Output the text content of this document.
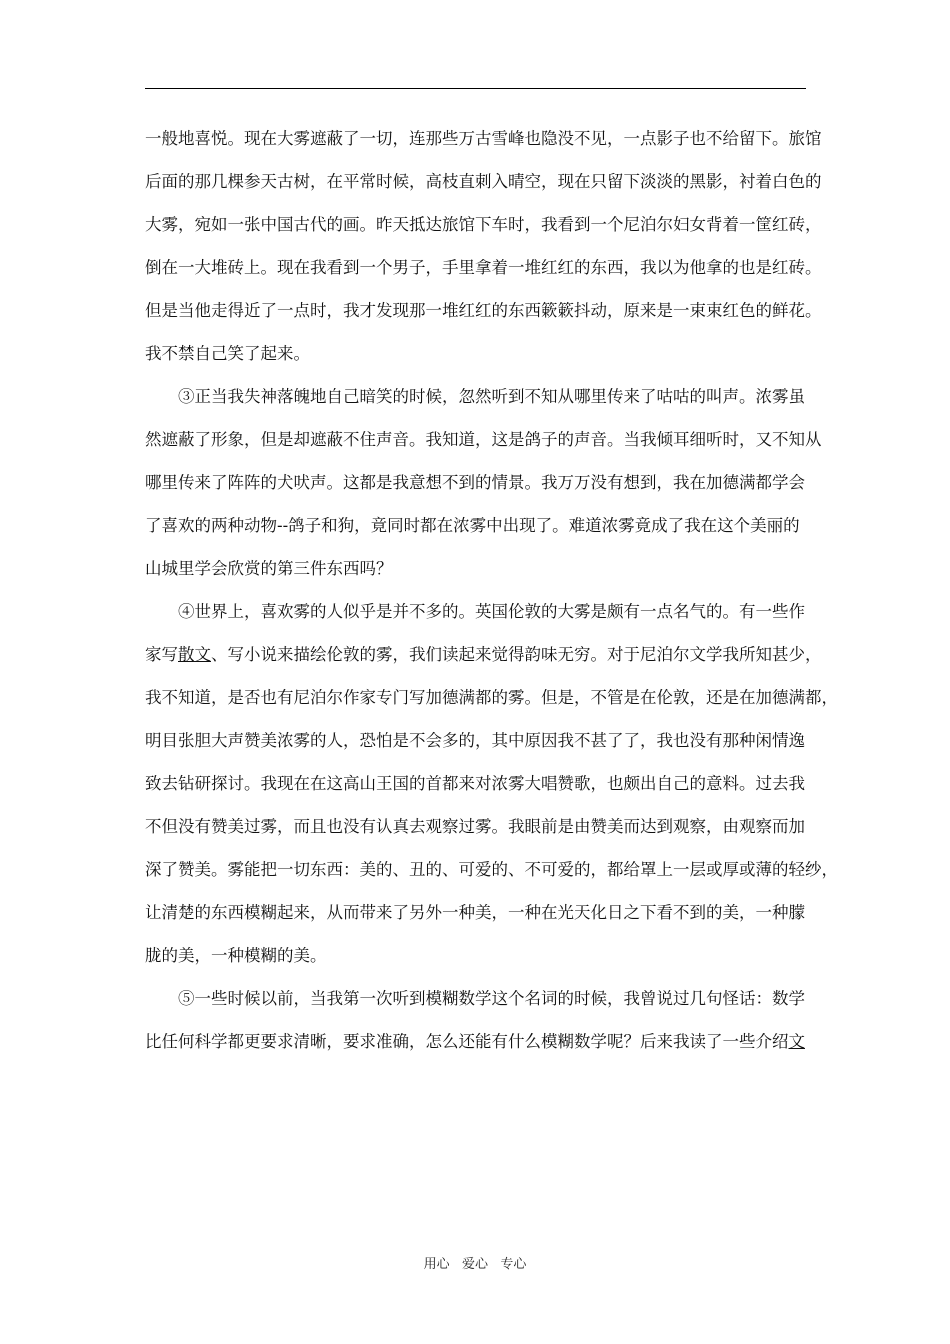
一般地喜悦。现在大雾遮蔽了一切，连那些万古雪峰也隐没不见，一点影子也不给留下。旅馆
后面的那几棵参天古树，在平常时候，高枝直刺入晴空，现在只留下淡淡的黑影，衬着白色的
大雾，宛如一张中国古代的画。昨天抵达旅馆下车时，我看到一个尼泊尔妇女背着一筐红砖，
倒在一大堆砖上。现在我看到一个男子，手里拿着一堆红红的东西，我以为他拿的也是红砖。
但是当他走得近了一点时，我才发现那一堆红红的东西簌簌抖动，原来是一束束红色的鲜花。
我不禁自己笑了起来。
③正当我失神落魄地自己暗笑的时候，忽然听到不知从哪里传来了咕咕的叫声。浓雾虽
然遮蔽了形象，但是却遮蔽不住声音。我知道，这是鸽子的声音。当我倾耳细听时，又不知从
哪里传来了阵阵的犬吠声。这都是我意想不到的情景。我万万没有想到，我在加德满都学会
了喜欢的两种动物--鸽子和狗，竟同时都在浓雾中出现了。难道浓雾竟成了我在这个美丽的
山城里学会欣赏的第三件东西吗？
④世界上，喜欢雾的人似乎是并不多的。英国伦敦的大雾是颇有一点名气的。有一些作
家写散文、写小说来描绘伦敦的雾，我们读起来觉得韵味无穷。对于尼泊尔文学我所知甚少，
我不知道，是否也有尼泊尔作家专门写加德满都的雾。但是，不管是在伦敦，还是在加德满都，
明目张胆大声赞美浓雾的人，恐怕是不会多的，其中原因我不甚了了，我也没有那种闲情逸
致去钻研探讨。我现在在这高山王国的首都来对浓雾大唱赞歌，也颇出自己的意料。过去我
不但没有赞美过雾，而且也没有认真去观察过雾。我眼前是由赞美而达到观察，由观察而加
深了赞美。雾能把一切东西：美的、丑的、可爱的、不可爱的，都给罩上一层或厚或薄的轻纱，
让清楚的东西模糊起来，从而带来了另外一种美，一种在光天化日之下看不到的美，一种朦
胧的美，一种模糊的美。
⑤一些时候以前，当我第一次听到模糊数学这个名词的时候，我曾说过几句怪话：数学
比任何科学都更要求清晰，要求准确，怎么还能有什么模糊数学呢？后来我读了一些介绍文
用心   爱心   专心
